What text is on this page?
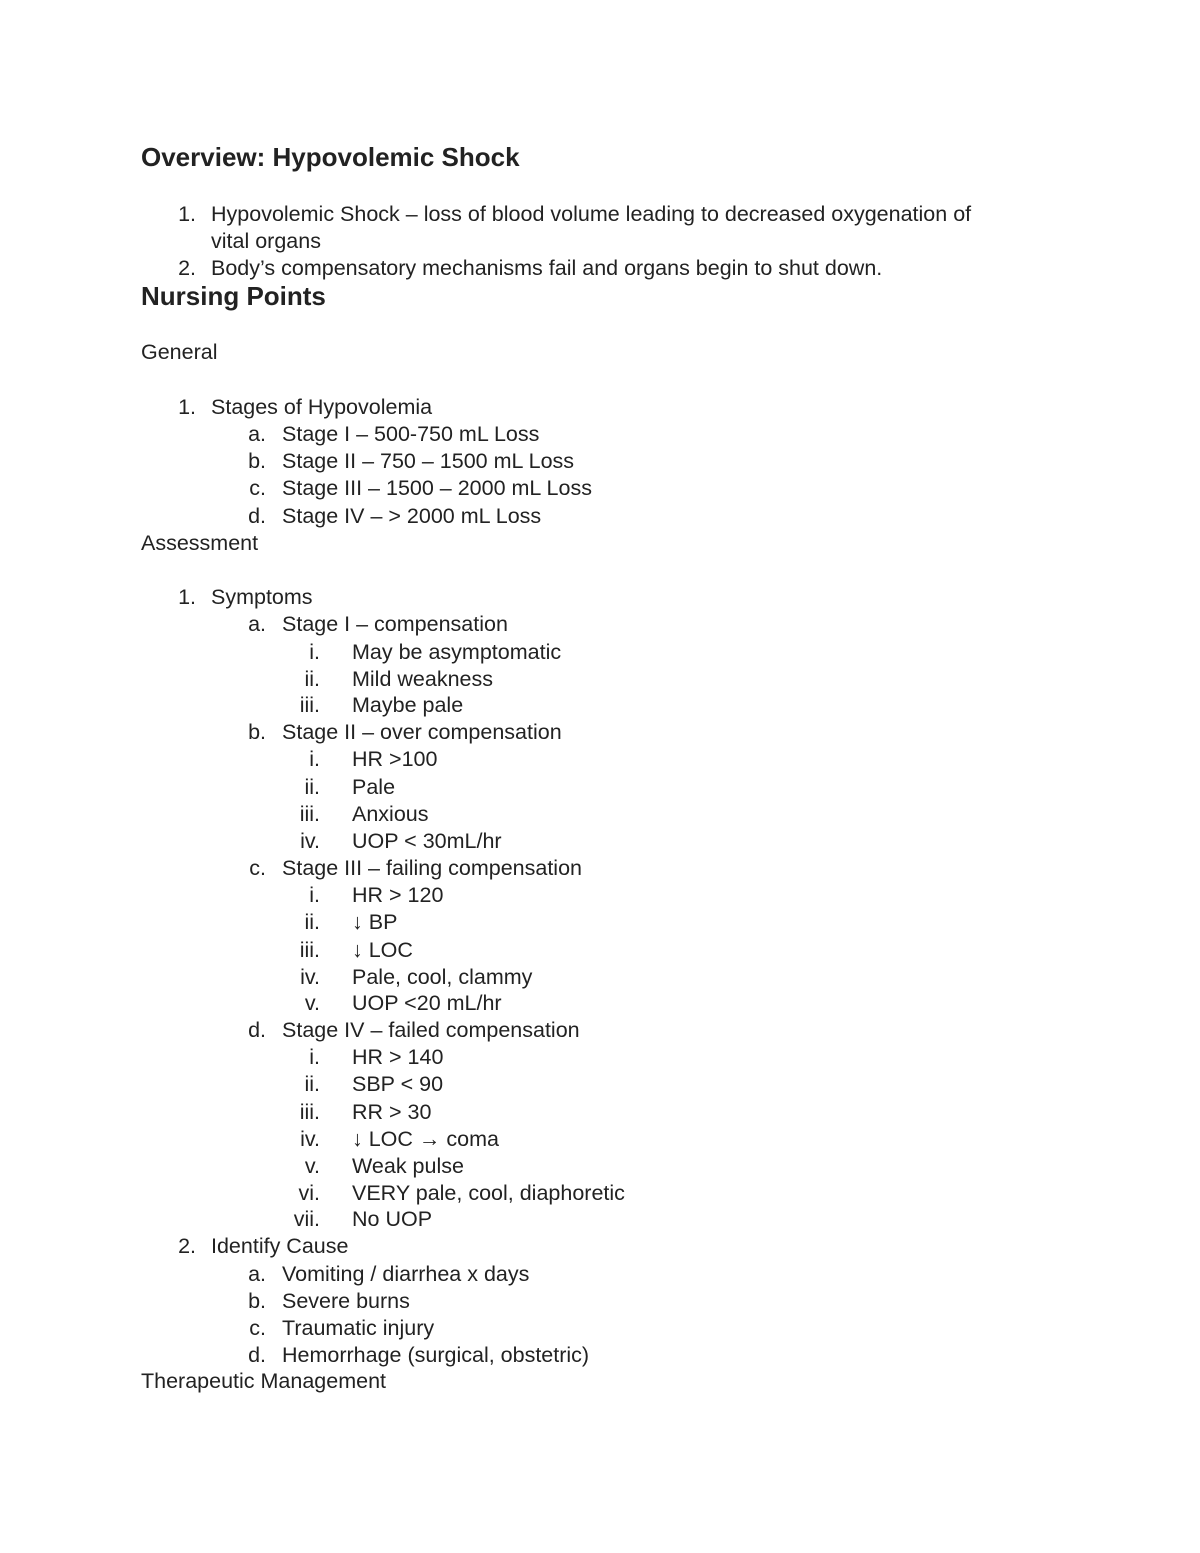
Overview: Hypovolemic Shock
1. Hypovolemic Shock – loss of blood volume leading to decreased oxygenation of
vital organs
2. Body’s compensatory mechanisms fail and organs begin to shut down.
Nursing Points
General
1. Stages of Hypovolemia
a. Stage I – 500-750 mL Loss
b. Stage II – 750 – 1500 mL Loss
c. Stage III – 1500 – 2000 mL Loss
d. Stage IV – > 2000 mL Loss
Assessment
1. Symptoms
a. Stage I – compensation
i. May be asymptomatic
ii. Mild weakness
iii. Maybe pale
b. Stage II – over compensation
i. HR >100
ii. Pale
iii. Anxious
iv. UOP < 30mL/hr
c. Stage III – failing compensation
i. HR > 120
ii. ↓ BP
iii. ↓ LOC
iv. Pale, cool, clammy
v. UOP <20 mL/hr
d. Stage IV – failed compensation
i. HR > 140
ii. SBP < 90
iii. RR > 30
iv. ↓ LOC → coma
v. Weak pulse
vi. VERY pale, cool, diaphoretic
vii. No UOP
2. Identify Cause
a. Vomiting / diarrhea x days
b. Severe burns
c. Traumatic injury
d. Hemorrhage (surgical, obstetric)
Therapeutic Management
